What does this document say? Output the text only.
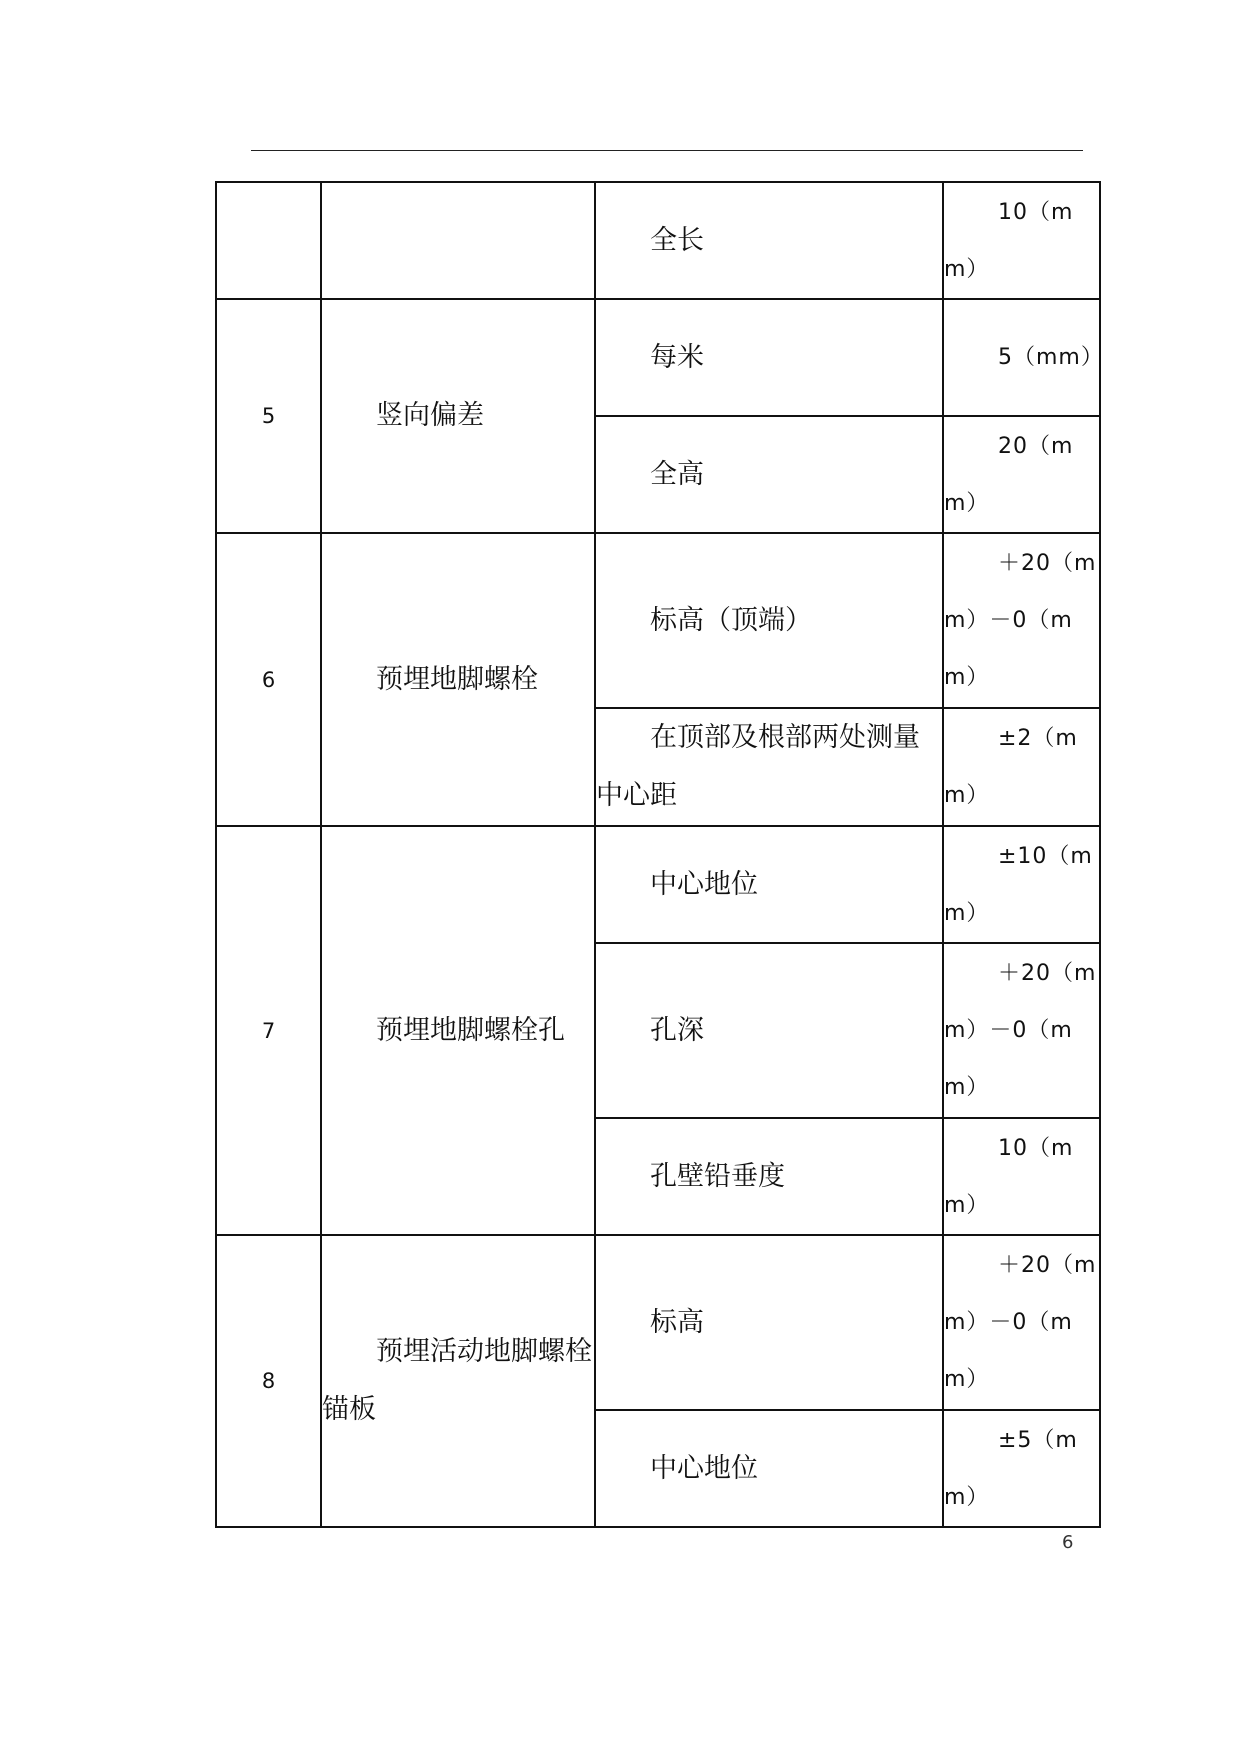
		全长	10（mm）
5	竖向偏差	每米	5（mm）
		全高	20（mm）
6	预埋地脚螺栓	标高（顶端）	＋20（mm）－0（mm）
		在顶部及根部两处测量中心距	±2（mm）
7	预埋地脚螺栓孔	中心地位	±10（mm）
		孔深	＋20（mm）－0（mm）
		孔壁铅垂度	10（mm）
8	预埋活动地脚螺栓锚板	标高	＋20（mm）－0（mm）
		中心地位	±5（mm）
6
